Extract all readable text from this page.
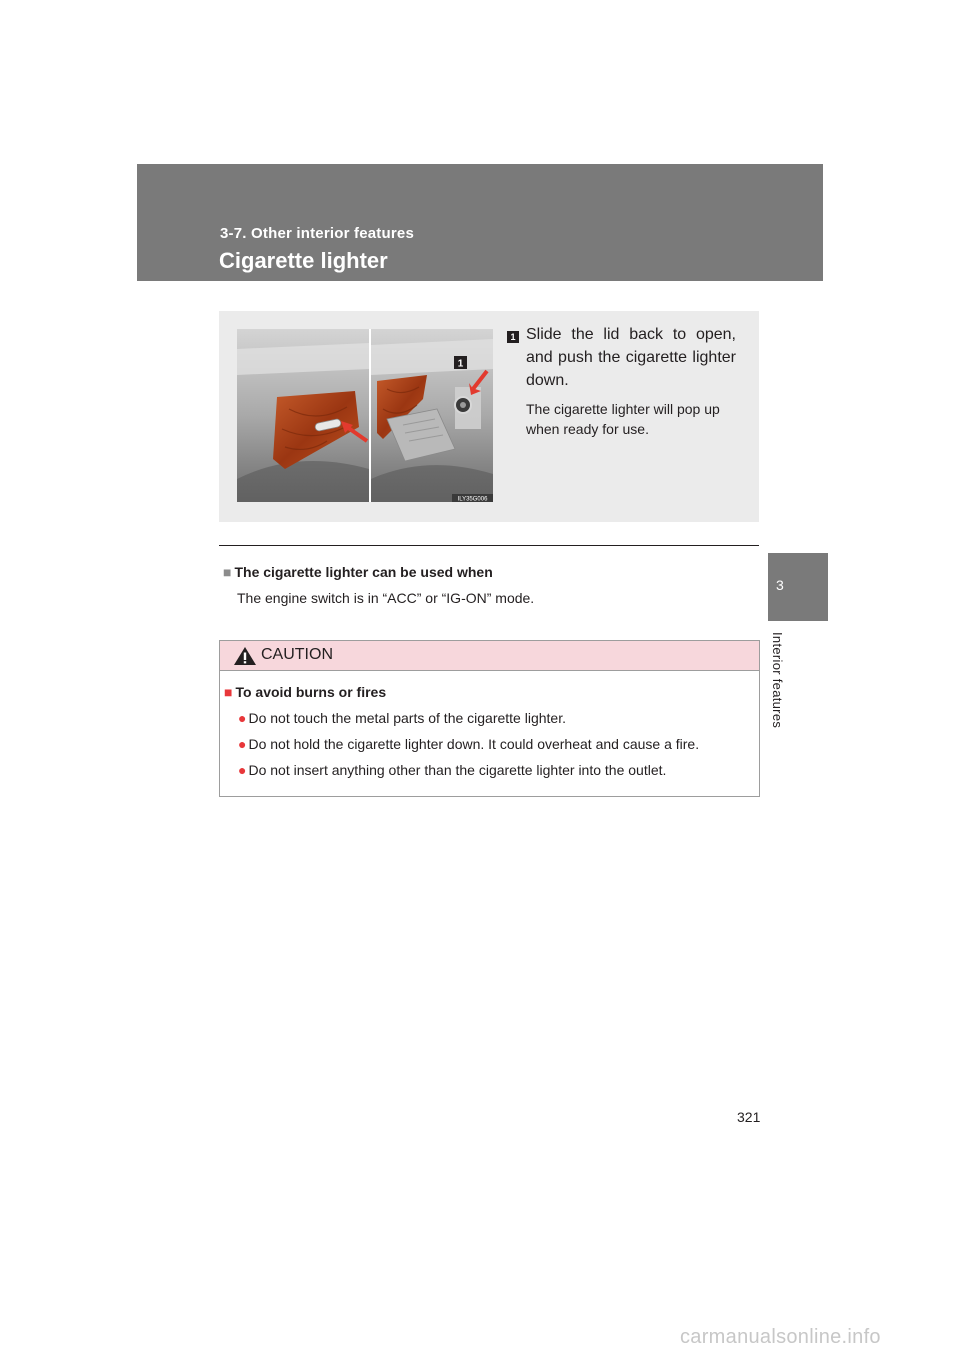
3-7. Other interior features
Cigarette lighter
3
Interior features
1
ILY35G006
1 Slide the lid back to open, and push the cigarette lighter down.
The cigarette lighter will pop up when ready for use.
■ The cigarette lighter can be used when
The engine switch is in “ACC” or “IG-ON” mode.
CAUTION
■ To avoid burns or fires
● Do not touch the metal parts of the cigarette lighter.
● Do not hold the cigarette lighter down. It could overheat and cause a fire.
● Do not insert anything other than the cigarette lighter into the outlet.
321
carmanualsonline.info
